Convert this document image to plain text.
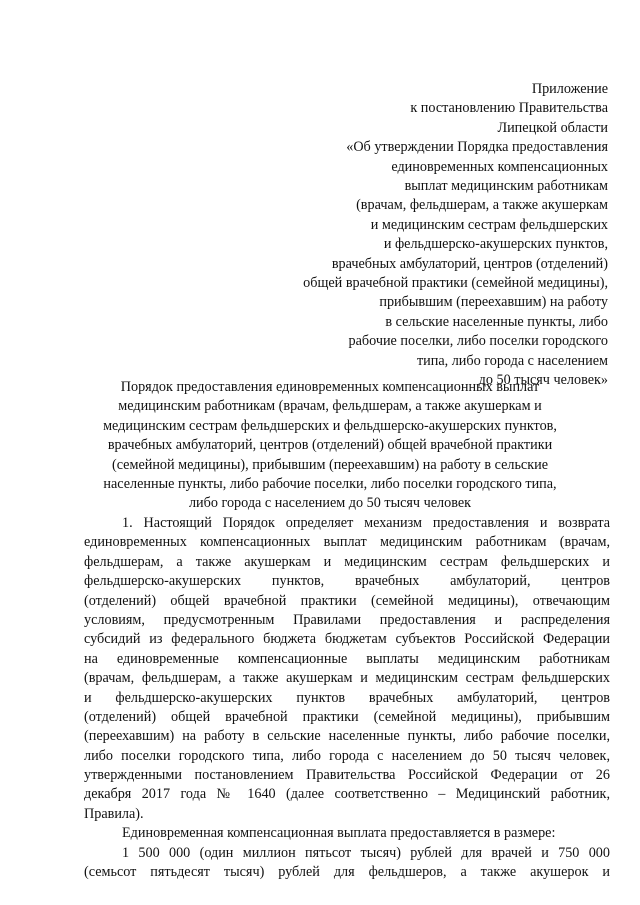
Приложение
к постановлению Правительства
Липецкой области
«Об утверждении Порядка предоставления
единовременных компенсационных
выплат медицинским работникам
(врачам, фельдшерам, а также акушеркам
и медицинским сестрам фельдшерских
и фельдшерско-акушерских пунктов,
врачебных амбулаторий, центров (отделений)
общей врачебной практики (семейной медицины),
прибывшим (переехавшим) на работу
в сельские населенные пункты, либо
рабочие поселки, либо поселки городского
типа, либо города с населением
до 50 тысяч человек»
Порядок предоставления единовременных компенсационных выплат
медицинским работникам (врачам, фельдшерам, а также акушеркам и
медицинским сестрам фельдшерских и фельдшерско-акушерских пунктов,
врачебных амбулаторий, центров (отделений) общей врачебной практики
(семейной медицины), прибывшим (переехавшим) на работу в сельские
населенные пункты, либо рабочие поселки, либо поселки городского типа,
либо города с населением до 50 тысяч человек
1. Настоящий Порядок определяет механизм предоставления и возврата
единовременных компенсационных выплат медицинским работникам (врачам,
фельдшерам, а также акушеркам и медицинским сестрам фельдшерских и
фельдшерско-акушерских пунктов, врачебных амбулаторий, центров
(отделений) общей врачебной практики (семейной медицины), отвечающим
условиям, предусмотренным Правилами предоставления и распределения
субсидий из федерального бюджета бюджетам субъектов Российской Федерации
на единовременные компенсационные выплаты медицинским работникам
(врачам, фельдшерам, а также акушеркам и медицинским сестрам фельдшерских
и фельдшерско-акушерских пунктов врачебных амбулаторий, центров
(отделений) общей врачебной практики (семейной медицины), прибывшим
(переехавшим) на работу в сельские населенные пункты, либо рабочие поселки,
либо поселки городского типа, либо города с населением до 50 тысяч человек,
утвержденными постановлением Правительства Российской Федерации от 26
декабря 2017 года № 1640 (далее соответственно – Медицинский работник,
Правила).
Единовременная компенсационная выплата предоставляется в размере:
1 500 000 (один миллион пятьсот тысяч) рублей для врачей и 750 000
(семьсот пятьдесят тысяч) рублей для фельдшеров, а также акушерок и
